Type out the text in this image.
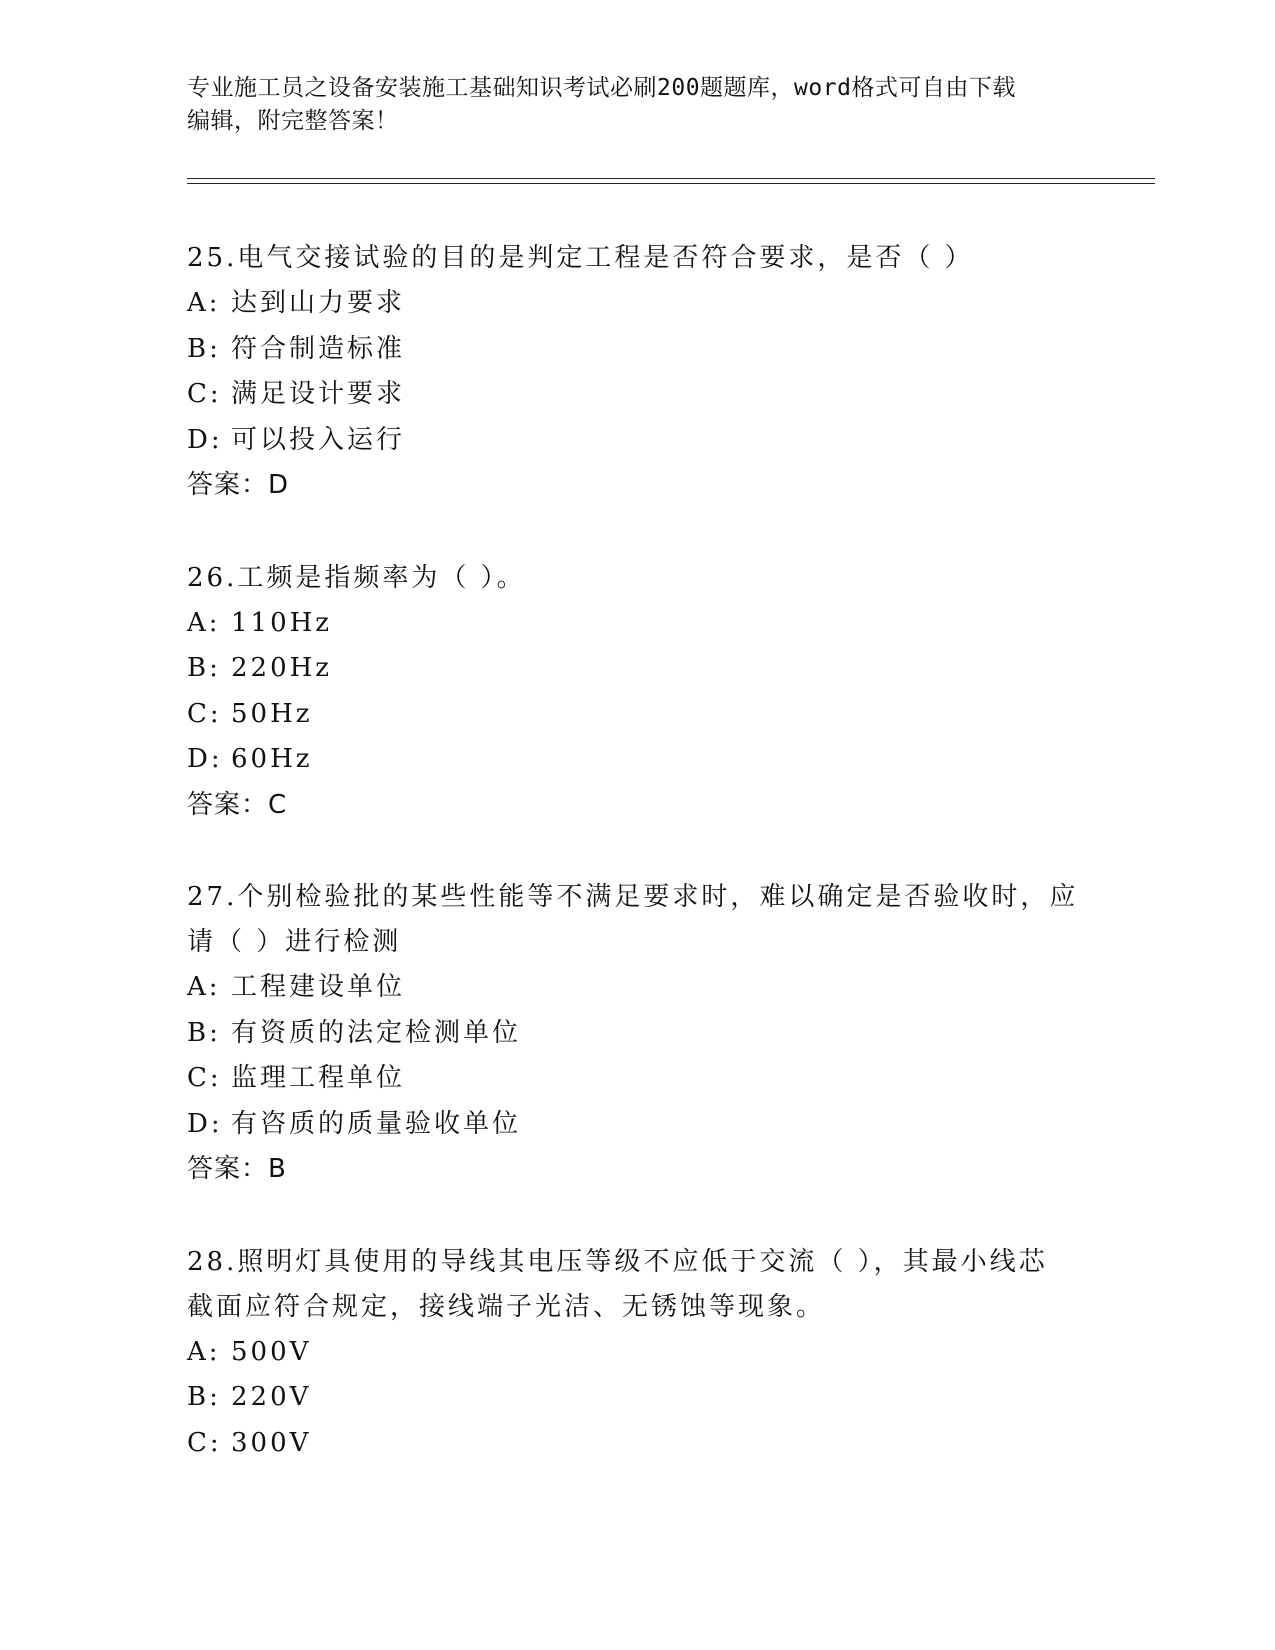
专业施工员之设备安装施工基础知识考试必刷200题题库，word格式可自由下载
编辑，附完整答案！

25.电气交接试验的目的是判定工程是否符合要求，是否（ ）

A: 达到山力要求

B: 符合制造标准

C: 满足设计要求

D: 可以投入运行

答案：D

26.工频是指频率为（ ）。

A: 110Hz

B: 220Hz

C: 50Hz

D: 60Hz

答案：C

27.个别检验批的某些性能等不满足要求时，难以确定是否验收时，应

请（ ）进行检测

A: 工程建设单位

B: 有资质的法定检测单位

C: 监理工程单位

D: 有咨质的质量验收单位

答案：B

28.照明灯具使用的导线其电压等级不应低于交流（ ），其最小线芯

截面应符合规定，接线端子光洁、无锈蚀等现象。

A: 500V

B: 220V

C: 300V
